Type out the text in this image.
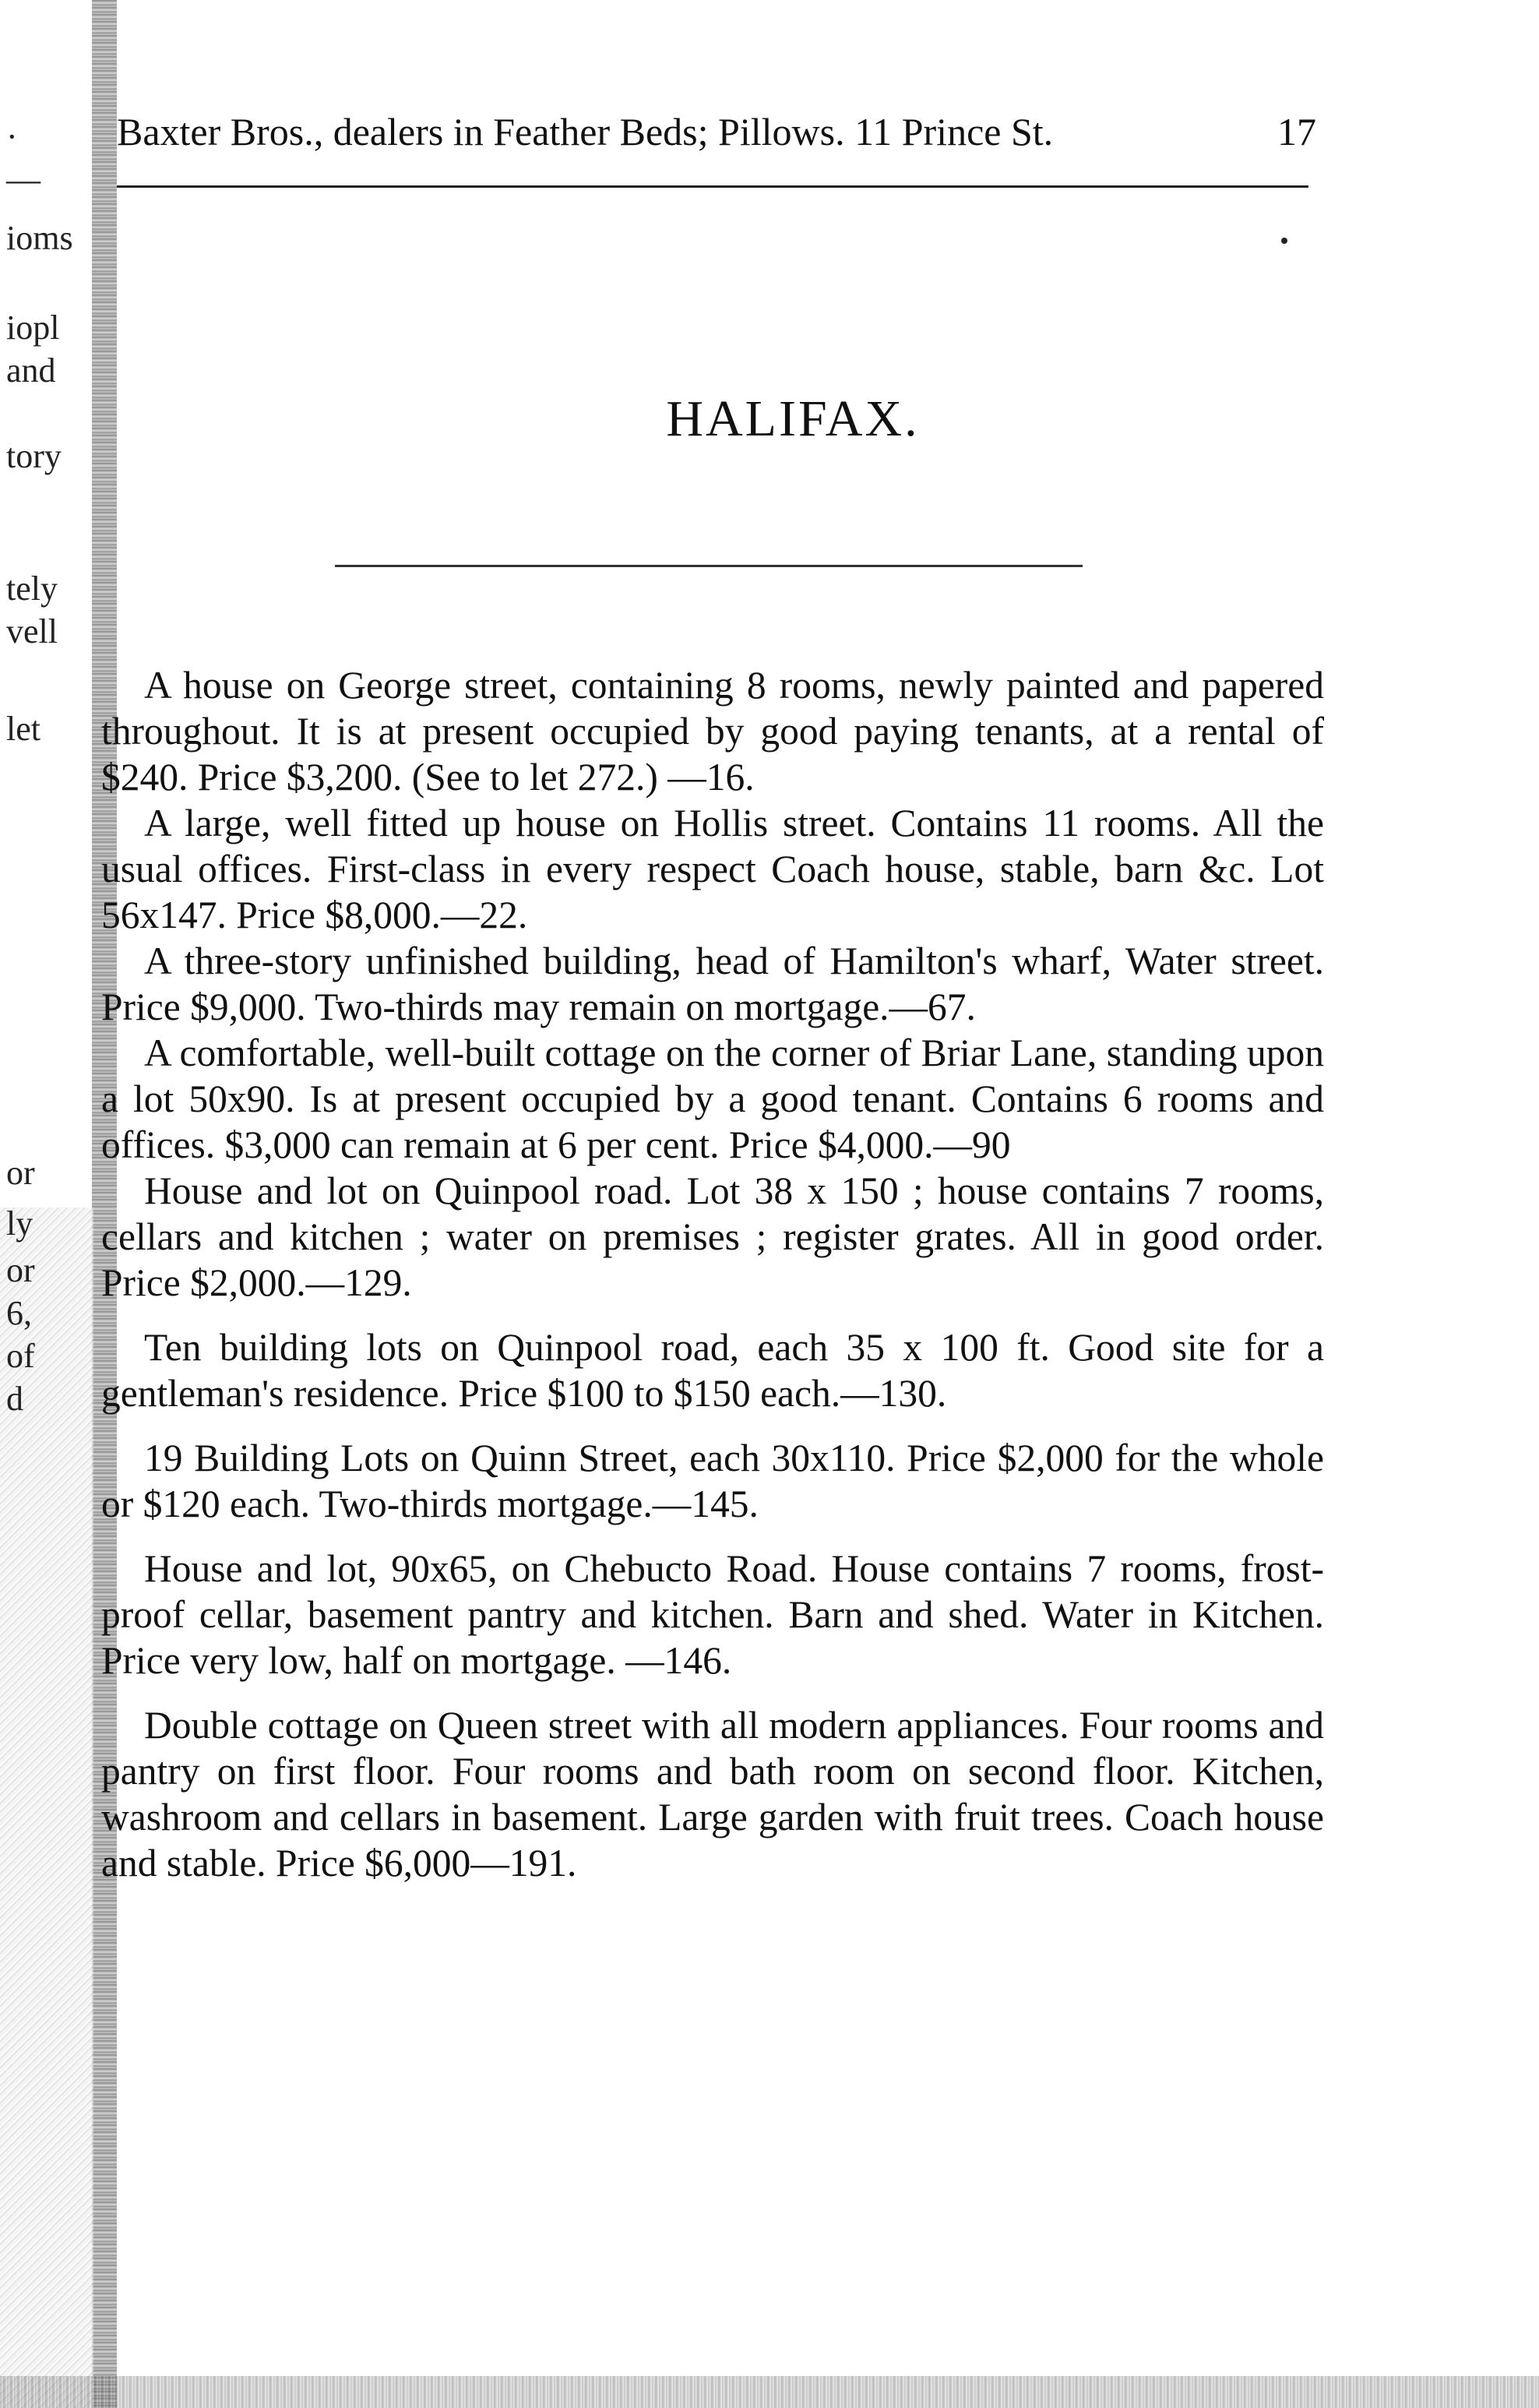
·
—
ioms
iopl
and
tory
tely
vell
let
or
ly
or
6,
of
d
Baxter Bros., dealers in Feather Beds; Pillows. 11 Prince St.	17
HALIFAX.

A house on George street, containing 8 rooms, newly painted and papered throughout. It is at present occupied by good paying tenants, at a rental of $240. Price $3,200. (See to let 272.) —16.

A large, well fitted up house on Hollis street. Contains 11 rooms. All the usual offices. First-class in every respect Coach house, stable, barn &c. Lot 56x147. Price $8,000.—22.

A three-story unfinished building, head of Hamilton's wharf, Water street. Price $9,000. Two-thirds may remain on mortgage.—67.

A comfortable, well-built cottage on the corner of Briar Lane, standing upon a lot 50x90. Is at present occupied by a good tenant. Contains 6 rooms and offices. $3,000 can remain at 6 per cent. Price $4,000.—90

House and lot on Quinpool road. Lot 38 x 150 ; house contains 7 rooms, cellars and kitchen ; water on premises ; register grates. All in good order. Price $2,000.—129.

Ten building lots on Quinpool road, each 35 x 100 ft. Good site for a gentleman's residence. Price $100 to $150 each.—130.

19 Building Lots on Quinn Street, each 30x110. Price $2,000 for the whole or $120 each. Two-thirds mortgage.—145.

House and lot, 90x65, on Chebucto Road. House contains 7 rooms, frost-proof cellar, basement pantry and kitchen. Barn and shed. Water in Kitchen. Price very low, half on mortgage. —146.

Double cottage on Queen street with all modern appliances. Four rooms and pantry on first floor. Four rooms and bath room on second floor. Kitchen, washroom and cellars in basement. Large garden with fruit trees. Coach house and stable. Price $6,000—191.
